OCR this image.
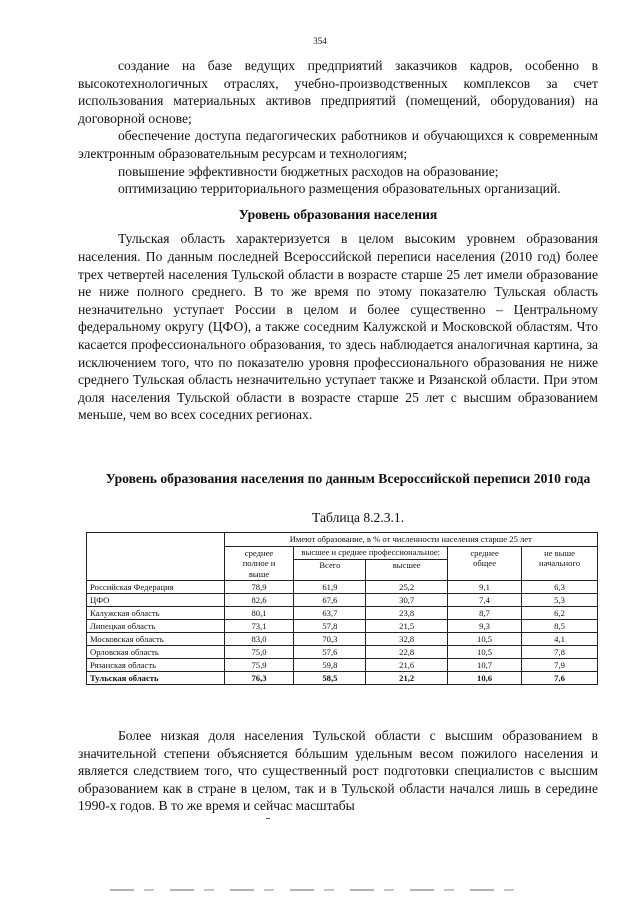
354

создание на базе ведущих предприятий заказчиков кадров, особенно в высокотехнологичных отраслях, учебно-производственных комплексов за счет использования материальных активов предприятий (помещений, оборудования) на договорной основе;

обеспечение доступа педагогических работников и обучающихся к современным электронным образовательным ресурсам и технологиям;

повышение эффективности бюджетных расходов на образование;

оптимизацию территориального размещения образовательных организаций.

Уровень образования населения

Тульская область характеризуется в целом высоким уровнем образования населения. По данным последней Всероссийской переписи населения (2010 год) более трех четвертей населения Тульской области в возрасте старше 25 лет имели образование не ниже полного среднего. В то же время по этому показателю Тульская область незначительно уступает России в целом и более существенно – Центральному федеральному округу (ЦФО), а также соседним Калужской и Московской областям. Что касается профессионального образования, то здесь наблюдается аналогичная картина, за исключением того, что по показателю уровня профессионального образования не ниже среднего Тульская область незначительно уступает также и Рязанской области. При этом доля населения Тульской области в возрасте старше 25 лет с высшим образованием меньше, чем во всех соседних регионах.

Уровень образования населения по данным Всероссийской переписи 2010 года
Таблица 8.2.3.1.
	Имеют образование, в % от численности населения старше 25 лет				
	среднее полное и выше	высшее и среднее профессиональное:		среднее общее	не выше начального
		Всего	высшее		
Российская Федерация	78,9	61,9	25,2	9,1	6,3
ЦФО	82,6	67,6	30,7	7,4	5,3
Калужская область	80,1	63,7	23,8	8,7	6,2
Липецкая область	73,1	57,8	21,5	9,3	8,5
Московская область	83,0	70,3	32,8	10,5	4,1
Орловская область	75,0	57,6	22,8	10,5	7,8
Рязанская область	75,9	59,8	21,6	10,7	7,9
Тульская область	76,3	58,5	21,2	10,6	7,6

Более низкая доля населения Тульской области с высшим образованием в значительной степени объясняется бóльшим удельным весом пожилого населения и является следствием того, что существенный рост подготовки специалистов с высшим образованием как в стране в целом, так и в Тульской области начался лишь в середине 1990-х годов. В то же время и сейчас масштабы
